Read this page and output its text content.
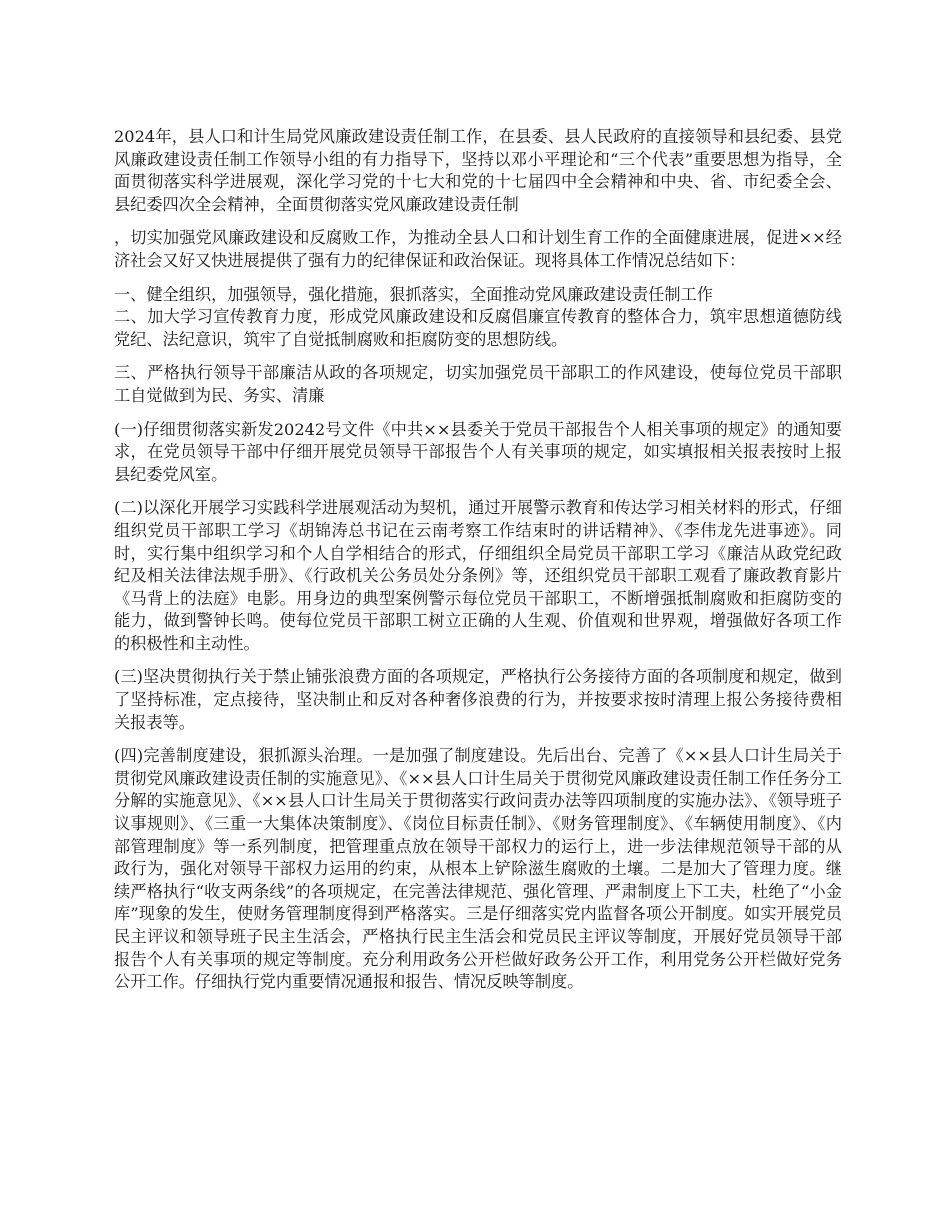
2024年，县人口和计生局党风廉政建设责任制工作，在县委、县人民政府的直接领导和县纪委、县党风廉政建设责任制工作领导小组的有力指导下，坚持以邓小平理论和“三个代表”重要思想为指导，全面贯彻落实科学进展观，深化学习党的十七大和党的十七届四中全会精神和中央、省、市纪委全会、县纪委四次全会精神，全面贯彻落实党风廉政建设责任制

，切实加强党风廉政建设和反腐败工作，为推动全县人口和计划生育工作的全面健康进展，促进××经济社会又好又快进展提供了强有力的纪律保证和政治保证。现将具体工作情况总结如下：

一、健全组织，加强领导，强化措施，狠抓落实，全面推动党风廉政建设责任制工作

二、加大学习宣传教育力度，形成党风廉政建设和反腐倡廉宣传教育的整体合力，筑牢思想道德防线党纪、法纪意识，筑牢了自觉抵制腐败和拒腐防变的思想防线。

三、严格执行领导干部廉洁从政的各项规定，切实加强党员干部职工的作风建设，使每位党员干部职工自觉做到为民、务实、清廉

(一)仔细贯彻落实新发20242号文件《中共××县委关于党员干部报告个人相关事项的规定》的通知要求，在党员领导干部中仔细开展党员领导干部报告个人有关事项的规定，如实填报相关报表按时上报县纪委党风室。

(二)以深化开展学习实践科学进展观活动为契机，通过开展警示教育和传达学习相关材料的形式，仔细组织党员干部职工学习《胡锦涛总书记在云南考察工作结束时的讲话精神》、《李伟龙先进事迹》。同时，实行集中组织学习和个人自学相结合的形式，仔细组织全局党员干部职工学习《廉洁从政党纪政纪及相关法律法规手册》、《行政机关公务员处分条例》等，还组织党员干部职工观看了廉政教育影片《马背上的法庭》电影。用身边的典型案例警示每位党员干部职工，不断增强抵制腐败和拒腐防变的能力，做到警钟长鸣。使每位党员干部职工树立正确的人生观、价值观和世界观，增强做好各项工作的积极性和主动性。

(三)坚决贯彻执行关于禁止铺张浪费方面的各项规定，严格执行公务接待方面的各项制度和规定，做到了坚持标准，定点接待，坚决制止和反对各种奢侈浪费的行为，并按要求按时清理上报公务接待费相关报表等。

(四)完善制度建设，狠抓源头治理。一是加强了制度建设。先后出台、完善了《××县人口计生局关于贯彻党风廉政建设责任制的实施意见》、《××县人口计生局关于贯彻党风廉政建设责任制工作任务分工分解的实施意见》、《××县人口计生局关于贯彻落实行政问责办法等四项制度的实施办法》、《领导班子议事规则》、《三重一大集体决策制度》、《岗位目标责任制》、《财务管理制度》、《车辆使用制度》、《内部管理制度》等一系列制度，把管理重点放在领导干部权力的运行上，进一步法律规范领导干部的从政行为，强化对领导干部权力运用的约束，从根本上铲除滋生腐败的土壤。二是加大了管理力度。继续严格执行“收支两条线”的各项规定，在完善法律规范、强化管理、严肃制度上下工夫，杜绝了“小金库”现象的发生，使财务管理制度得到严格落实。三是仔细落实党内监督各项公开制度。如实开展党员民主评议和领导班子民主生活会，严格执行民主生活会和党员民主评议等制度，开展好党员领导干部报告个人有关事项的规定等制度。充分利用政务公开栏做好政务公开工作，利用党务公开栏做好党务公开工作。仔细执行党内重要情况通报和报告、情况反映等制度。
